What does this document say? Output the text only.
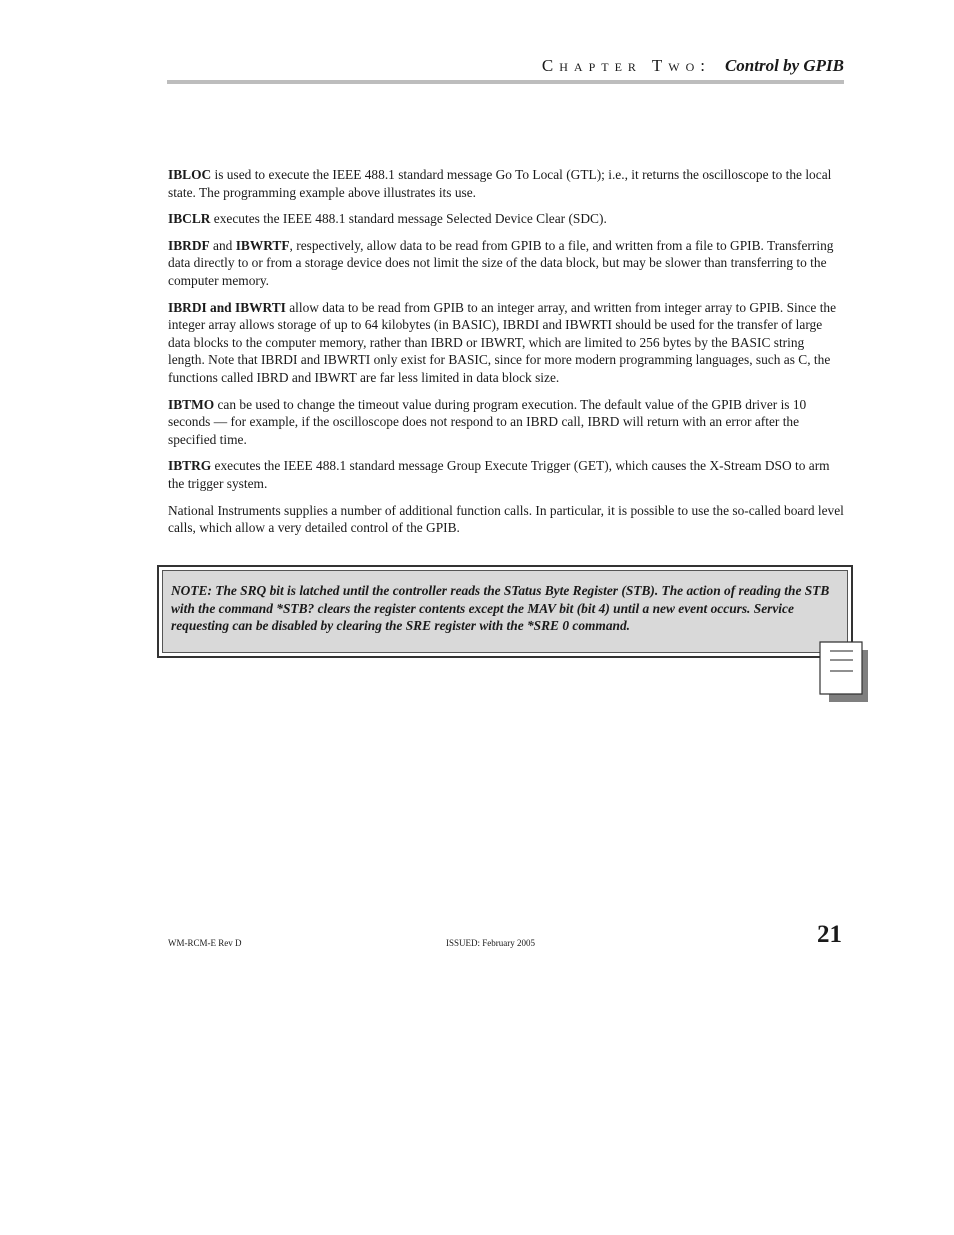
Chapter Two: Control by GPIB

IBLOC is used to execute the IEEE 488.1 standard message Go To Local (GTL); i.e., it returns the oscilloscope to the local state. The programming example above illustrates its use.

IBCLR executes the IEEE 488.1 standard message Selected Device Clear (SDC).

IBRDF and IBWRTF, respectively, allow data to be read from GPIB to a file, and written from a file to GPIB. Transferring data directly to or from a storage device does not limit the size of the data block, but may be slower than transferring to the computer memory.

IBRDI and IBWRTI allow data to be read from GPIB to an integer array, and written from integer array to GPIB. Since the integer array allows storage of up to 64 kilobytes (in BASIC), IBRDI and IBWRTI should be used for the transfer of large data blocks to the computer memory, rather than IBRD or IBWRT, which are limited to 256 bytes by the BASIC string length. Note that IBRDI and IBWRTI only exist for BASIC, since for more modern programming languages, such as C, the functions called IBRD and IBWRT are far less limited in data block size.

IBTMO can be used to change the timeout value during program execution. The default value of the GPIB driver is 10 seconds — for example, if the oscilloscope does not respond to an IBRD call, IBRD will return with an error after the specified time.

IBTRG executes the IEEE 488.1 standard message Group Execute Trigger (GET), which causes the X-Stream DSO to arm the trigger system.

National Instruments supplies a number of additional function calls. In particular, it is possible to use the so-called board level calls, which allow a very detailed control of the GPIB.

NOTE: The SRQ bit is latched until the controller reads the STatus Byte Register (STB). The action of reading the STB with the command *STB? clears the register contents except the MAV bit (bit 4) until a new event occurs. Service requesting can be disabled by clearing the SRE register with the *SRE 0 command.
WM-RCM-E Rev D	ISSUED: February 2005	21
